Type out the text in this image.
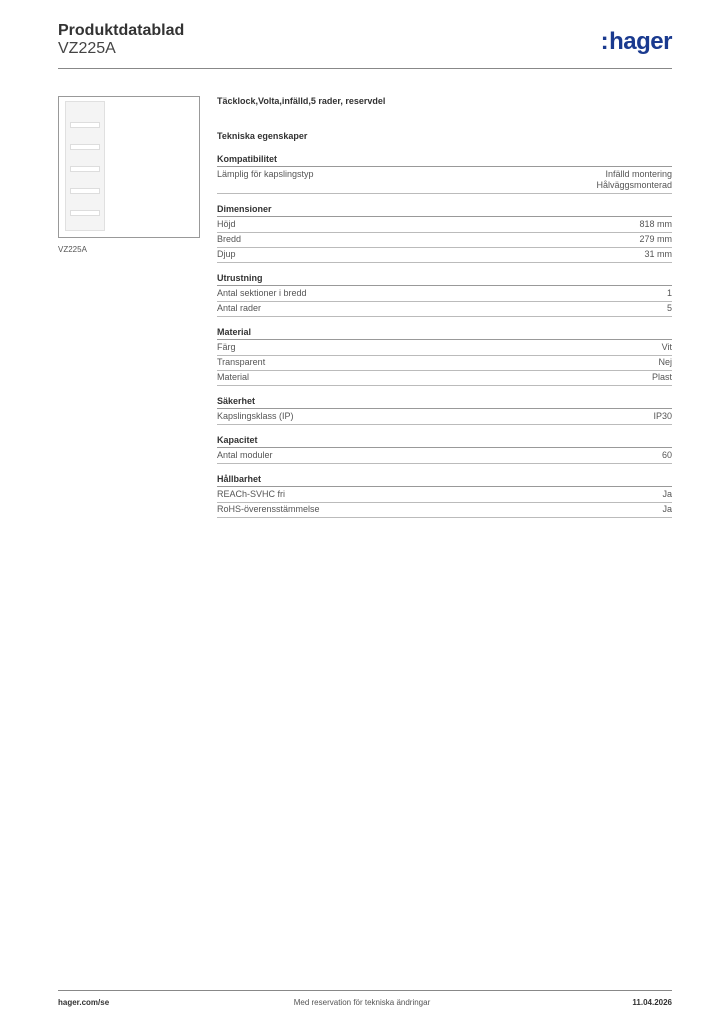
Produktdatablad
VZ225A	:hager
VZ225A
Täcklock,Volta,infälld,5 rader, reservdel
Tekniska egenskaper
Kompatibilitet
Lämplig för kapslingstyp	Infälld montering
Hålväggsmonterad
Dimensioner
Höjd	818 mm
Bredd	279 mm
Djup	31 mm
Utrustning
Antal sektioner i bredd	1
Antal rader	5
Material
Färg	Vit
Transparent	Nej
Material	Plast
Säkerhet
Kapslingsklass (IP)	IP30
Kapacitet
Antal moduler	60
Hållbarhet
REACh-SVHC fri	Ja
RoHS-överensstämmelse	Ja
hager.com/se	Med reservation för tekniska ändringar	11.04.2026
